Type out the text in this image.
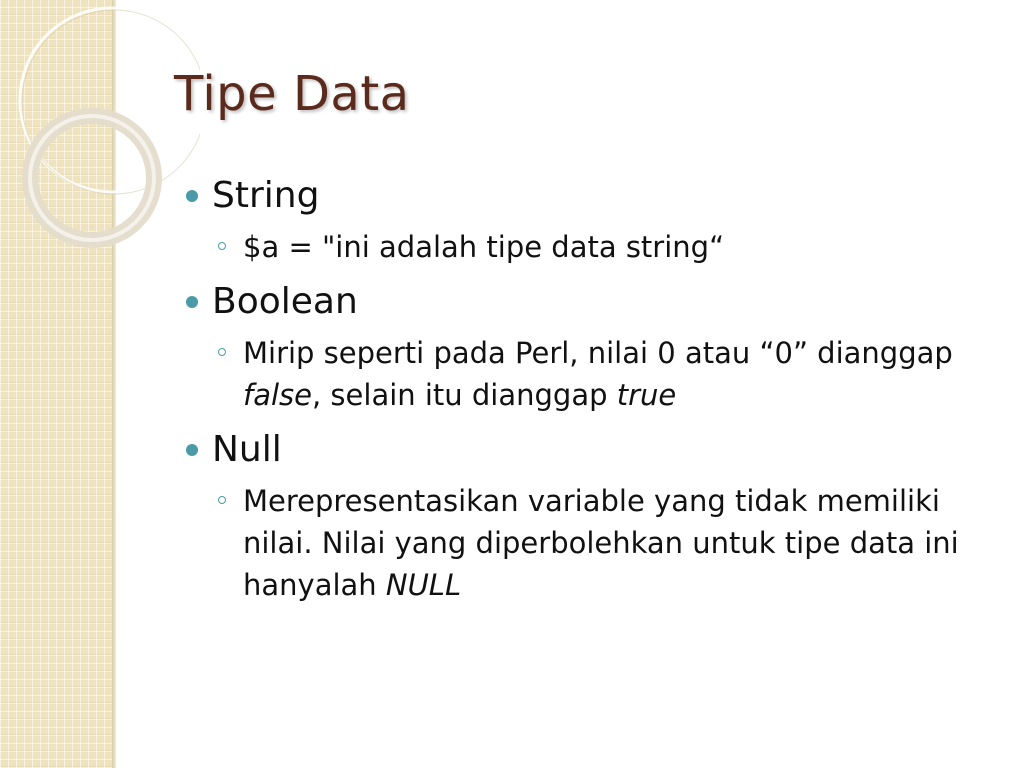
Tipe Data
String
$a = "ini adalah tipe data string“
Boolean
Mirip seperti pada Perl, nilai 0 atau “0” dianggap false, selain itu dianggap true
Null
Merepresentasikan variable yang tidak memiliki nilai. Nilai yang diperbolehkan untuk tipe data ini hanyalah NULL
